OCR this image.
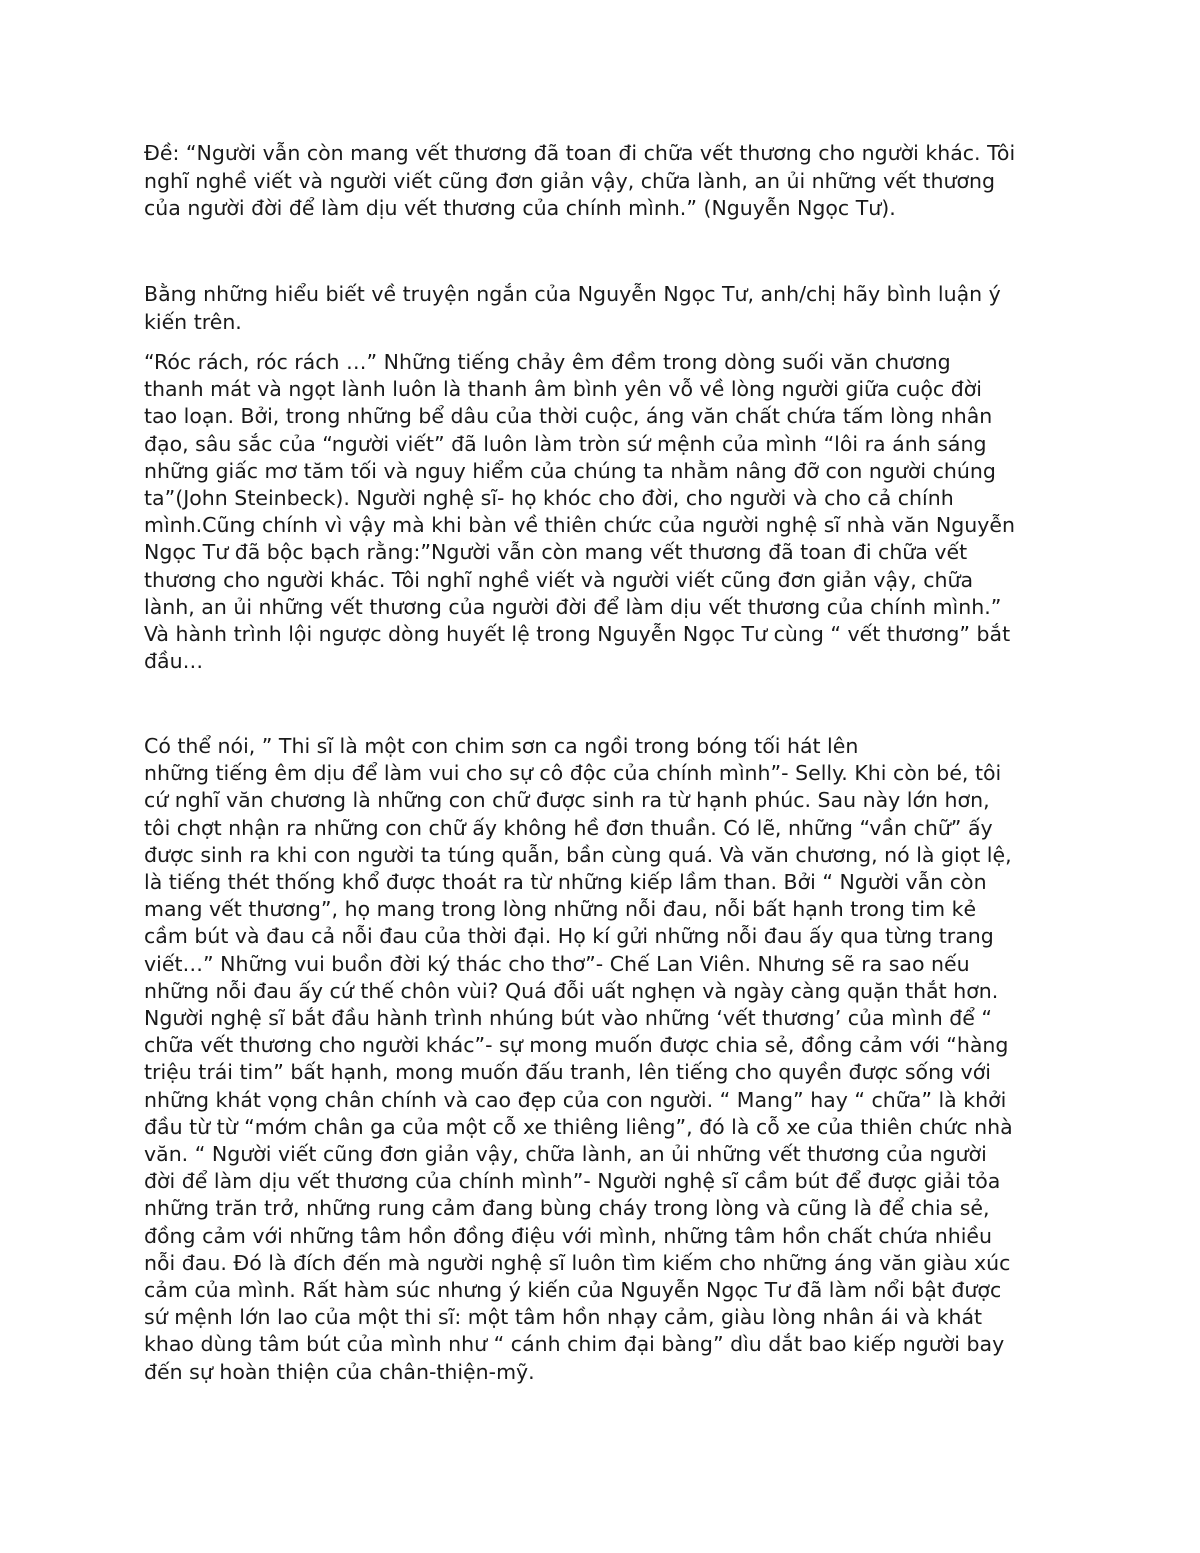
Đề: “Người vẫn còn mang vết thương đã toan đi chữa vết thương cho người khác. Tôi
nghĩ nghề viết và người viết cũng đơn giản vậy, chữa lành, an ủi những vết thương
của người đời để làm dịu vết thương của chính mình.” (Nguyễn Ngọc Tư).

Bằng những hiểu biết về truyện ngắn của Nguyễn Ngọc Tư, anh/chị hãy bình luận ý
kiến trên.

“Róc rách, róc rách …” Những tiếng chảy êm đềm trong dòng suối văn chương
thanh mát và ngọt lành luôn là thanh âm bình yên vỗ về lòng người giữa cuộc đời
tao loạn. Bởi, trong những bể dâu của thời cuộc, áng văn chất chứa tấm lòng nhân
đạo, sâu sắc của “người viết” đã luôn làm tròn sứ mệnh của mình “lôi ra ánh sáng
những giấc mơ tăm tối và nguy hiểm của chúng ta nhằm nâng đỡ con người chúng
ta”(John Steinbeck). Người nghệ sĩ- họ khóc cho đời, cho người và cho cả chính
mình.Cũng chính vì vậy mà khi bàn về thiên chức của người nghệ sĩ nhà văn Nguyễn
Ngọc Tư đã bộc bạch rằng:”Người vẫn còn mang vết thương đã toan đi chữa vết
thương cho người khác. Tôi nghĩ nghề viết và người viết cũng đơn giản vậy, chữa
lành, an ủi những vết thương của người đời để làm dịu vết thương của chính mình.”
Và hành trình lội ngược dòng huyết lệ trong Nguyễn Ngọc Tư cùng “ vết thương” bắt
đầu…

Có thể nói, ” Thi sĩ là một con chim sơn ca ngồi trong bóng tối hát lên
những tiếng êm dịu để làm vui cho sự cô độc của chính mình”- Selly. Khi còn bé, tôi
cứ nghĩ văn chương là những con chữ được sinh ra từ hạnh phúc. Sau này lớn hơn,
tôi chợt nhận ra những con chữ ấy không hề đơn thuần. Có lẽ, những “vần chữ” ấy
được sinh ra khi con người ta túng quẫn, bần cùng quá. Và văn chương, nó là giọt lệ,
là tiếng thét thống khổ được thoát ra từ những kiếp lầm than. Bởi “ Người vẫn còn
mang vết thương”, họ mang trong lòng những nỗi đau, nỗi bất hạnh trong tim kẻ
cầm bút và đau cả nỗi đau của thời đại. Họ kí gửi những nỗi đau ấy qua từng trang
viết…” Những vui buồn đời ký thác cho thơ”- Chế Lan Viên. Nhưng sẽ ra sao nếu
những nỗi đau ấy cứ thế chôn vùi? Quá đỗi uất nghẹn và ngày càng quặn thắt hơn.
Người nghệ sĩ bắt đầu hành trình nhúng bút vào những ‘vết thương’ của mình để “
chữa vết thương cho người khác”- sự mong muốn được chia sẻ, đồng cảm với “hàng
triệu trái tim” bất hạnh, mong muốn đấu tranh, lên tiếng cho quyền được sống với
những khát vọng chân chính và cao đẹp của con người. “ Mang” hay “ chữa” là khởi
đầu từ từ “mớm chân ga của một cỗ xe thiêng liêng”, đó là cỗ xe của thiên chức nhà
văn. “ Người viết cũng đơn giản vậy, chữa lành, an ủi những vết thương của người
đời để làm dịu vết thương của chính mình”- Người nghệ sĩ cầm bút để được giải tỏa
những trăn trở, những rung cảm đang bùng cháy trong lòng và cũng là để chia sẻ,
đồng cảm với những tâm hồn đồng điệu với mình, những tâm hồn chất chứa nhiều
nỗi đau. Đó là đích đến mà người nghệ sĩ luôn tìm kiếm cho những áng văn giàu xúc
cảm của mình. Rất hàm súc nhưng ý kiến của Nguyễn Ngọc Tư đã làm nổi bật được
sứ mệnh lớn lao của một thi sĩ: một tâm hồn nhạy cảm, giàu lòng nhân ái và khát
khao dùng tâm bút của mình như “ cánh chim đại bàng” dìu dắt bao kiếp người bay
đến sự hoàn thiện của chân-thiện-mỹ.
